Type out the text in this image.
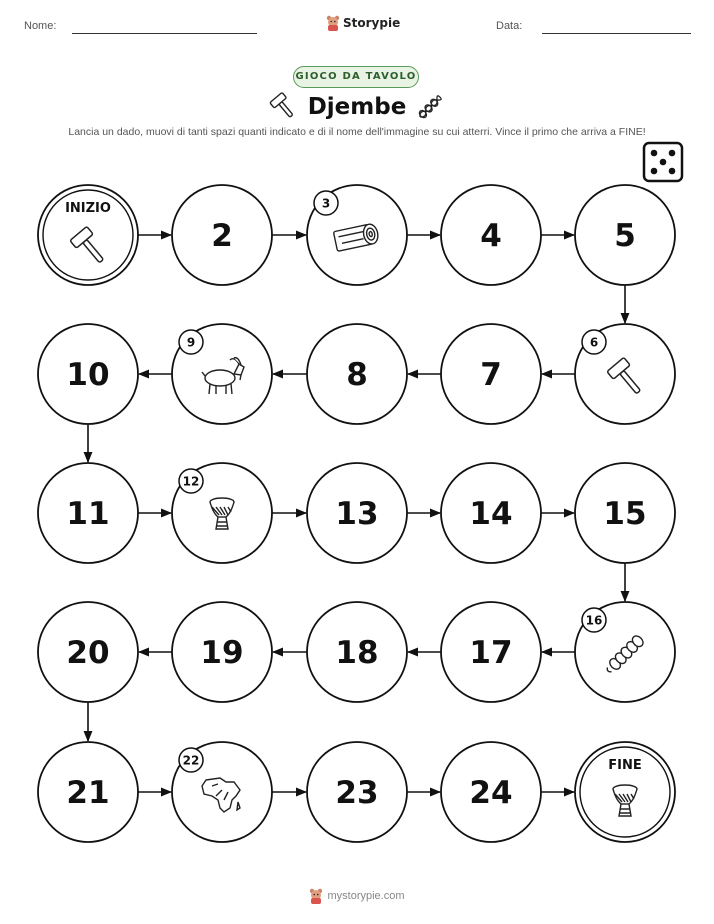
Nome:	Storypie	Data:
GIOCO DA TAVOLO
Djembe
Lancia un dado, muovi di tanti spazi quanti indicato e di il nome dell'immagine su cui atterri. Vince il primo che arriva a FINE!
INIZIO
2
3
4	5
6
7
8
9
10
11
12
13	14	15
16
17
18
19
20
21
22
23	24
FINE
mystorypie.com
